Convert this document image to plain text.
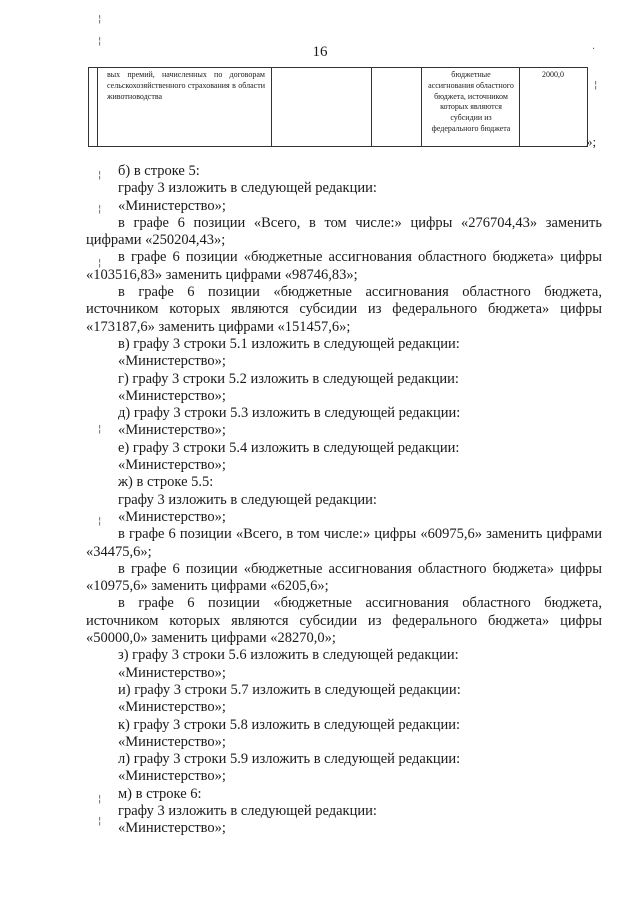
16
вых премий, начисленных по договорам сельскохозяйственного страхования в области животноводства
бюджетные ассигнования областного бюджета, источником которых являются субсидии из федерального бюджета
2000,0
»;
б) в строке 5:
графу 3 изложить в следующей редакции:
«Министерство»;
в графе 6 позиции «Всего, в том числе:» цифры «276704,43» заменить цифрами «250204,43»;
в графе 6 позиции «бюджетные ассигнования областного бюджета» цифры «103516,83» заменить цифрами «98746,83»;
в графе 6 позиции «бюджетные ассигнования областного бюджета, источником которых являются субсидии из федерального бюджета» цифры «173187,6» заменить цифрами «151457,6»;
в) графу 3 строки 5.1 изложить в следующей редакции:
«Министерство»;
г) графу 3 строки 5.2 изложить в следующей редакции:
«Министерство»;
д) графу 3 строки 5.3 изложить в следующей редакции:
«Министерство»;
е) графу 3 строки 5.4 изложить в следующей редакции:
«Министерство»;
ж) в строке 5.5:
графу 3 изложить в следующей редакции:
«Министерство»;
в графе 6 позиции «Всего, в том числе:» цифры «60975,6» заменить цифрами «34475,6»;
в графе 6 позиции «бюджетные ассигнования областного бюджета» цифры «10975,6» заменить цифрами «6205,6»;
в графе 6 позиции «бюджетные ассигнования областного бюджета, источником которых являются субсидии из федерального бюджета» цифры «50000,0» заменить цифрами «28270,0»;
з) графу 3 строки 5.6 изложить в следующей редакции:
«Министерство»;
и) графу 3 строки 5.7 изложить в следующей редакции:
«Министерство»;
к) графу 3 строки 5.8 изложить в следующей редакции:
«Министерство»;
л) графу 3 строки 5.9 изложить в следующей редакции:
«Министерство»;
м) в строке 6:
графу 3 изложить в следующей редакции:
«Министерство»;
¦
¦
·
¦
¦
¦
¦
¦
¦
¦
¦
